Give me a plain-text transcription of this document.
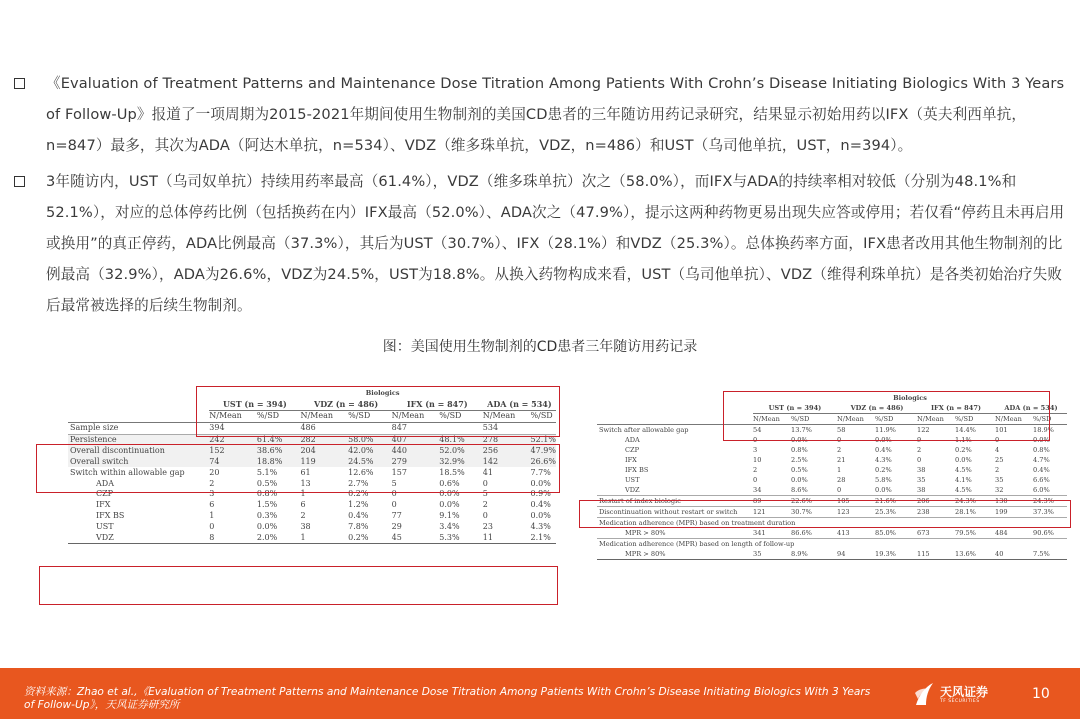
《Evaluation of Treatment Patterns and Maintenance Dose Titration Among Patients With Crohn’s Disease Initiating Biologics With 3 Years of Follow-Up》报道了一项周期为2015-2021年期间使用生物制剂的美国CD患者的三年随访用药记录研究，结果显示初始用药以IFX（英夫利西单抗，n=847）最多，其次为ADA（阿达木单抗，n=534）、VDZ（维多珠单抗，VDZ，n=486）和UST（乌司他单抗，UST，n=394）。
3年随访内，UST（乌司奴单抗）持续用药率最高（61.4%），VDZ（维多珠单抗）次之（58.0%），而IFX与ADA的持续率相对较低（分别为48.1%和52.1%），对应的总体停药比例（包括换药在内）IFX最高（52.0%）、ADA次之（47.9%），提示这两种药物更易出现失应答或停用；若仅看“停药且未再启用或换用”的真正停药，ADA比例最高（37.3%），其后为UST（30.7%）、IFX（28.1%）和VDZ（25.3%）。总体换药率方面，IFX患者改用其他生物制剂的比例最高（32.9%），ADA为26.6%，VDZ为24.5%，UST为18.8%。从换入药物构成来看，UST（乌司他单抗）、VDZ（维得利珠单抗）是各类初始治疗失败后最常被选择的后续生物制剂。
图：美国使用生物制剂的CD患者三年随访用药记录
	Biologics							
	UST (n = 394)		VDZ (n = 486)		IFX (n = 847)		ADA (n = 534)	
	N/Mean	%/SD	N/Mean	%/SD	N/Mean	%/SD	N/Mean	%/SD
Sample size	394		486		847		534	
Persistence	242	61.4%	282	58.0%	407	48.1%	278	52.1%
Overall discontinuation	152	38.6%	204	42.0%	440	52.0%	256	47.9%
Overall switch	74	18.8%	119	24.5%	279	32.9%	142	26.6%
Switch within allowable gap	20	5.1%	61	12.6%	157	18.5%	41	7.7%
ADA	2	0.5%	13	2.7%	5	0.6%	0	0.0%
CZP	3	0.8%	1	0.2%	0	0.0%	5	0.9%
IFX	6	1.5%	6	1.2%	0	0.0%	2	0.4%
IFX BS	1	0.3%	2	0.4%	77	9.1%	0	0.0%
UST	0	0.0%	38	7.8%	29	3.4%	23	4.3%
VDZ	8	2.0%	1	0.2%	45	5.3%	11	2.1%
	Biologics							
	UST (n = 394)		VDZ (n = 486)		IFX (n = 847)		ADA (n = 534)	
	N/Mean	%/SD	N/Mean	%/SD	N/Mean	%/SD	N/Mean	%/SD
Switch after allowable gap	54	13.7%	58	11.9%	122	14.4%	101	18.9%
ADA	0	0.0%	0	0.0%	9	1.1%	0	0.0%
CZP	3	0.8%	2	0.4%	2	0.2%	4	0.8%
IFX	10	2.5%	21	4.3%	0	0.0%	25	4.7%
IFX BS	2	0.5%	1	0.2%	38	4.5%	2	0.4%
UST	0	0.0%	28	5.8%	35	4.1%	35	6.6%
VDZ	34	8.6%	0	0.0%	38	4.5%	32	6.0%
Restart of index biologic	89	22.6%	105	21.6%	206	24.3%	130	24.3%
Discontinuation without restart or switch	121	30.7%	123	25.3%	238	28.1%	199	37.3%
Medication adherence (MPR) based on treatment duration								
MPR > 80%	341	86.6%	413	85.0%	673	79.5%	484	90.6%
Medication adherence (MPR) based on length of follow-up								
MPR > 80%	35	8.9%	94	19.3%	115	13.6%	40	7.5%
资料来源：Zhao et al.,《Evaluation of Treatment Patterns and Maintenance Dose Titration Among Patients With Crohn’s Disease Initiating Biologics With 3 Years
of Follow-Up》，天风证券研究所
天风证券
TF SECURITIES	10
